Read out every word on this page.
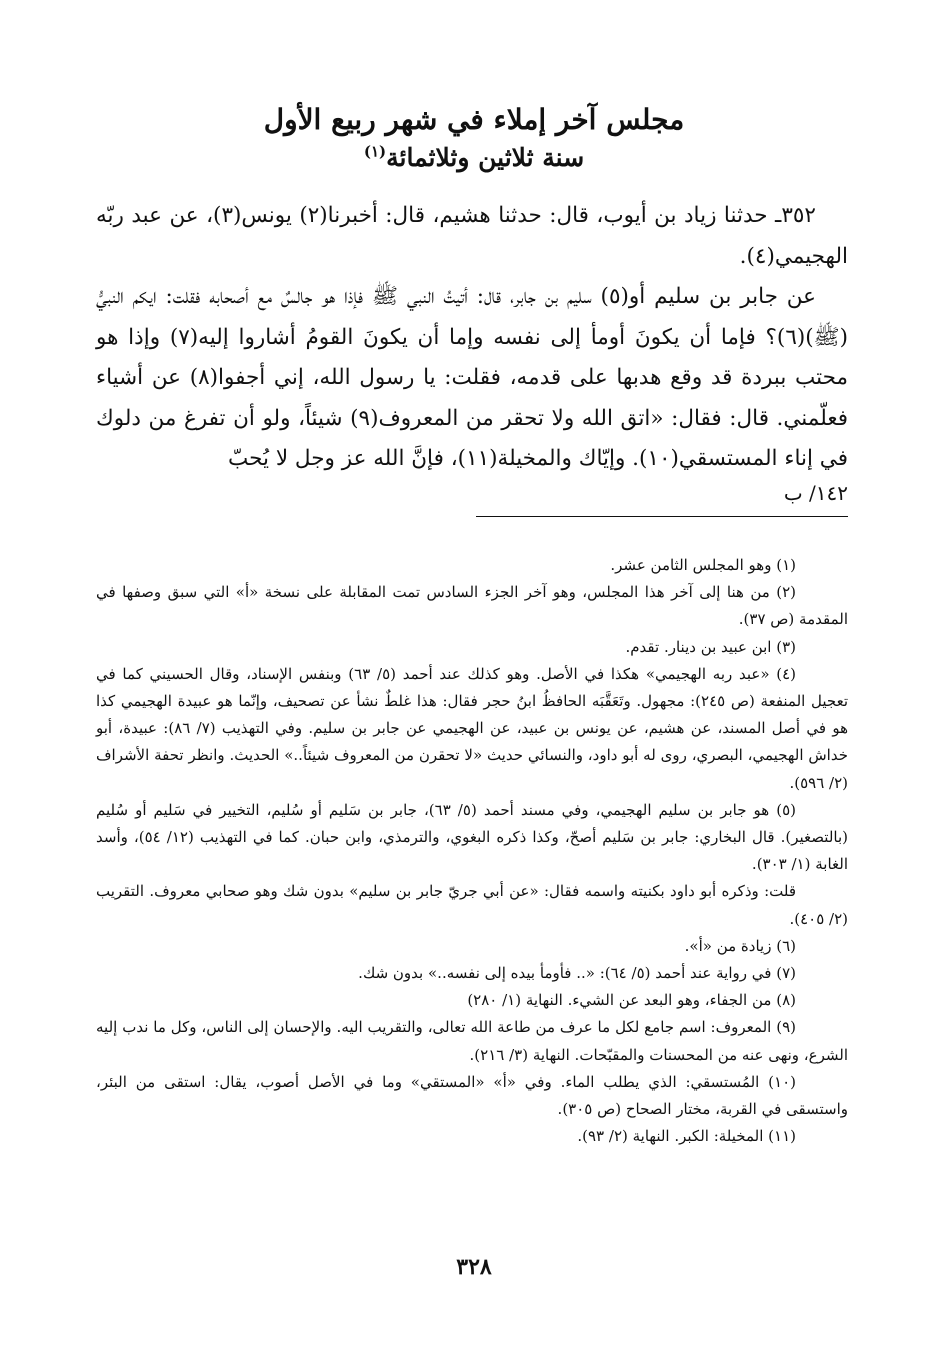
مجلس آخر إملاء في شهر ربيع الأول
سنة ثلاثين وثلاثمائة$^{(١)}$

٣٥٢ـ حدثنا زياد بن أيوب، قال: حدثنا هشيم، قال: أخبرنا(٢) يونس(٣)، عن عبد ربّه الهجيمي(٤).

عن جابر بن سليم أو(٥) سليم بن جابر، قال: أتيتُ النبي ﷺ فإذا هو جالسٌ مع أصحابه فقلت: ايكم النبيُّ (ﷺ)(٦)؟ فإما أن يكونَ أومأ إلى نفسه وإما أن يكونَ القومُ أشاروا إليه(٧) وإذا هو محتب ببردة قد وقع هدبها على قدمه، فقلت: يا رسول الله، إني أجفوا(٨) عن أشياء فعلّمني. قال: فقال: «اتق الله ولا تحقر من المعروف(٩) شيئاً، ولو أن تفرغ من دلوك في إناء المستسقي(١٠). وإيّاك والمخيلة(١١)، فإنَّ الله عز وجل لا يُحبّ

١٤٢/ ب

(١) وهو المجلس الثامن عشر.

(٢) من هنا إلى آخر هذا المجلس، وهو آخر الجزء السادس تمت المقابلة على نسخة «أ» التي سبق وصفها في المقدمة (ص ٣٧).

(٣) ابن عبيد بن دينار. تقدم.

(٤) «عبد ربه الهجيمي» هكذا في الأصل. وهو كذلك عند أحمد (٥/ ٦٣) وبنفس الإسناد، وقال الحسيني كما في تعجيل المنفعة (ص ٢٤٥): مجهول. وتَعَقَّبَه الحافظُ ابنُ حجر فقال: هذا غلطٌ نشأ عن تصحيف، وإنّما هو عبيدة الهجيمي كذا هو في أصل المسند، عن هشيم، عن يونس بن عبيد، عن الهجيمي عن جابر بن سليم. وفي التهذيب (٧/ ٨٦): عبيدة، أبو خداش الهجيمي، البصري، روى له أبو داود، والنسائي حديث «لا تحقرن من المعروف شيئاً..» الحديث. وانظر تحفة الأشراف (٢/ ٥٩٦).

(٥) هو جابر بن سليم الهجيمي، وفي مسند أحمد (٥/ ٦٣)، جابر بن سَليم أو سُليم، التخيير في سَليم أو سُليم (بالتصغير). قال البخاري: جابر بن سَليم أصحّ، وكذا ذكره البغوي، والترمذي، وابن حبان. كما في التهذيب (١٢/ ٥٤)، وأسد الغابة (١/ ٣٠٣).

قلت: وذكره أبو داود بكنيته واسمه فقال: «عن أبي جريّ جابر بن سليم» بدون شك وهو صحابي معروف. التقريب (٢/ ٤٠٥).

(٦) زيادة من «أ».

(٧) في رواية عند أحمد (٥/ ٦٤): «.. فأومأ بيده إلى نفسه..» بدون شك.

(٨) من الجفاء، وهو البعد عن الشيء. النهاية (١/ ٢٨٠)

(٩) المعروف: اسم جامع لكل ما عرف من طاعة الله تعالى، والتقريب اليه. والإحسان إلى الناس، وكل ما ندب إليه الشرع، ونهى عنه من المحسنات والمقبّحات. النهاية (٣/ ٢١٦).

(١٠) المُستسقي: الذي يطلب الماء. وفي «أ» «المستقي» وما في الأصل أصوب، يقال: استقى من البئر، واستسقى في القربة، مختار الصحاح (ص ٣٠٥).

(١١) المخيلة: الكبر. النهاية (٢/ ٩٣).

٣٢٨
